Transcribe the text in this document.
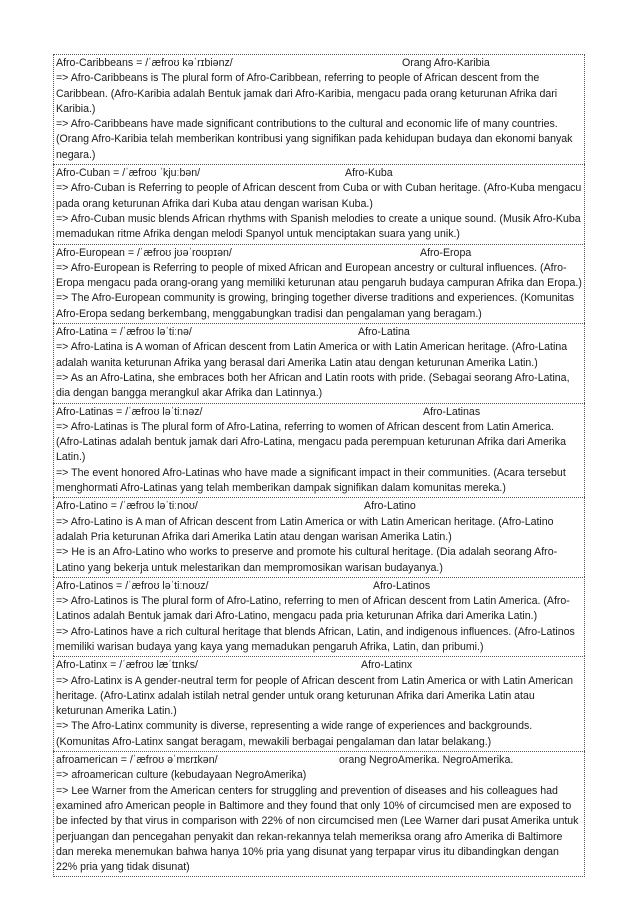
Afro-Caribbeans = /ˈæfroʊ kəˈrɪbiənz/	Orang Afro-Karibia

=> Afro-Caribbeans is The plural form of Afro-Caribbean, referring to people of African descent from the Caribbean. (Afro-Karibia adalah Bentuk jamak dari Afro-Karibia, mengacu pada orang keturunan Afrika dari Karibia.)

=> Afro-Caribbeans have made significant contributions to the cultural and economic life of many countries. (Orang Afro-Karibia telah memberikan kontribusi yang signifikan pada kehidupan budaya dan ekonomi banyak negara.)

Afro-Cuban = /ˈæfroʊ ˈkjuːbən/	Afro-Kuba

=> Afro-Cuban is Referring to people of African descent from Cuba or with Cuban heritage. (Afro-Kuba mengacu pada orang keturunan Afrika dari Kuba atau dengan warisan Kuba.)

=> Afro-Cuban music blends African rhythms with Spanish melodies to create a unique sound. (Musik Afro-Kuba memadukan ritme Afrika dengan melodi Spanyol untuk menciptakan suara yang unik.)

Afro-European = /ˈæfroʊ jʊəˈroʊpɪən/	Afro-Eropa

=> Afro-European is Referring to people of mixed African and European ancestry or cultural influences. (Afro-Eropa mengacu pada orang-orang yang memiliki keturunan atau pengaruh budaya campuran Afrika dan Eropa.)

=> The Afro-European community is growing, bringing together diverse traditions and experiences. (Komunitas Afro-Eropa sedang berkembang, menggabungkan tradisi dan pengalaman yang beragam.)

Afro-Latina = /ˈæfroʊ ləˈtiːnə/	Afro-Latina

=> Afro-Latina is A woman of African descent from Latin America or with Latin American heritage. (Afro-Latina adalah wanita keturunan Afrika yang berasal dari Amerika Latin atau dengan keturunan Amerika Latin.)

=> As an Afro-Latina, she embraces both her African and Latin roots with pride. (Sebagai seorang Afro-Latina, dia dengan bangga merangkul akar Afrika dan Latinnya.)

Afro-Latinas = /ˈæfroʊ ləˈtiːnəz/	Afro-Latinas

=> Afro-Latinas is The plural form of Afro-Latina, referring to women of African descent from Latin America. (Afro-Latinas adalah bentuk jamak dari Afro-Latina, mengacu pada perempuan keturunan Afrika dari Amerika Latin.)

=> The event honored Afro-Latinas who have made a significant impact in their communities. (Acara tersebut menghormati Afro-Latinas yang telah memberikan dampak signifikan dalam komunitas mereka.)

Afro-Latino = /ˈæfroʊ ləˈtiːnoʊ/	Afro-Latino

=> Afro-Latino is A man of African descent from Latin America or with Latin American heritage. (Afro-Latino adalah Pria keturunan Afrika dari Amerika Latin atau dengan warisan Amerika Latin.)

=> He is an Afro-Latino who works to preserve and promote his cultural heritage. (Dia adalah seorang Afro-Latino yang bekerja untuk melestarikan dan mempromosikan warisan budayanya.)

Afro-Latinos = /ˈæfroʊ ləˈtiːnoʊz/	Afro-Latinos

=> Afro-Latinos is The plural form of Afro-Latino, referring to men of African descent from Latin America. (Afro-Latinos adalah Bentuk jamak dari Afro-Latino, mengacu pada pria keturunan Afrika dari Amerika Latin.)

=> Afro-Latinos have a rich cultural heritage that blends African, Latin, and indigenous influences. (Afro-Latinos memiliki warisan budaya yang kaya yang memadukan pengaruh Afrika, Latin, dan pribumi.)

Afro-Latinx = /ˈæfroʊ læˈtɪnks/	Afro-Latinx

=> Afro-Latinx is A gender-neutral term for people of African descent from Latin America or with Latin American heritage. (Afro-Latinx adalah istilah netral gender untuk orang keturunan Afrika dari Amerika Latin atau keturunan Amerika Latin.)

=> The Afro-Latinx community is diverse, representing a wide range of experiences and backgrounds. (Komunitas Afro-Latinx sangat beragam, mewakili berbagai pengalaman dan latar belakang.)

afroamerican = /ˈæfroʊ əˈmɛrɪkən/	orang NegroAmerika. NegroAmerika.

=> afroamerican culture (kebudayaan NegroAmerika)

=> Lee Warner from the American centers for struggling and prevention of diseases and his colleagues had examined afro American people in Baltimore and they found that only 10% of circumcised men are exposed to be infected by that virus in comparison with 22% of non circumcised men (Lee Warner dari pusat Amerika untuk perjuangan dan pencegahan penyakit dan rekan-rekannya telah memeriksa orang afro Amerika di Baltimore dan mereka menemukan bahwa hanya 10% pria yang disunat yang terpapar virus itu dibandingkan dengan 22% pria yang tidak disunat)
